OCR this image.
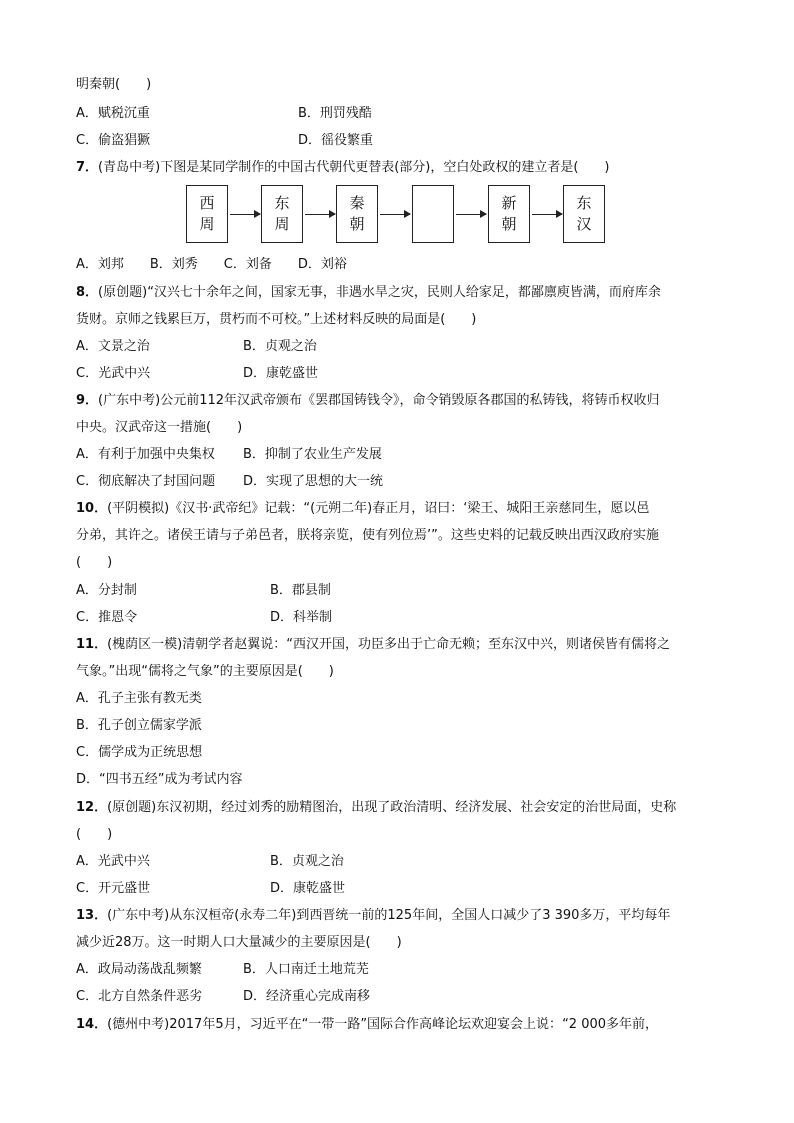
明秦朝(　　)
A．赋税沉重	B．刑罚残酷
C．偷盗猖獗	D．徭役繁重
7．(青岛中考)下图是某同学制作的中国古代朝代更替表(部分)，空白处政权的建立者是(　　)
西
周
东
周
秦
朝
新
朝
东
汉
A．刘邦　　B．刘秀　　C．刘备　　D．刘裕
8．(原创题)“汉兴七十余年之间，国家无事，非遇水旱之灾，民则人给家足，都鄙廪庾皆满，而府库余
货财。京师之钱累巨万，贯朽而不可校。”上述材料反映的局面是(　　)
A．文景之治	B．贞观之治
C．光武中兴	D．康乾盛世
9．(广东中考)公元前112年汉武帝颁布《罢郡国铸钱令》，命令销毁原各郡国的私铸钱，将铸币权收归
中央。汉武帝这一措施(　　)
A．有利于加强中央集权 B．抑制了农业生产发展
C．彻底解决了封国问题 D．实现了思想的大一统
10．(平阴模拟)《汉书·武帝纪》记载：“(元朔二年)春正月，诏曰：‘梁王、城阳王亲慈同生，愿以邑
分弟，其许之。诸侯王请与子弟邑者，朕将亲览，使有列位焉’”。这些史料的记载反映出西汉政府实施
(　　)
A．分封制	B．郡县制
C．推恩令	D．科举制
11．(槐荫区一模)清朝学者赵翼说：“西汉开国，功臣多出于亡命无赖；至东汉中兴，则诸侯皆有儒将之
气象。”出现“儒将之气象”的主要原因是(　　)
A．孔子主张有教无类
B．孔子创立儒家学派
C．儒学成为正统思想
D．“四书五经”成为考试内容
12．(原创题)东汉初期，经过刘秀的励精图治，出现了政治清明、经济发展、社会安定的治世局面，史称
(　　)
A．光武中兴	B．贞观之治
C．开元盛世	D．康乾盛世
13．(广东中考)从东汉桓帝(永寿二年)到西晋统一前的125年间，全国人口减少了3 390多万，平均每年
减少近28万。这一时期人口大量减少的主要原因是(　　)
A．政局动荡战乱频繁	B．人口南迁土地荒芜
C．北方自然条件恶劣	D．经济重心完成南移
14．(德州中考)2017年5月，习近平在“一带一路”国际合作高峰论坛欢迎宴会上说：“2 000多年前，
